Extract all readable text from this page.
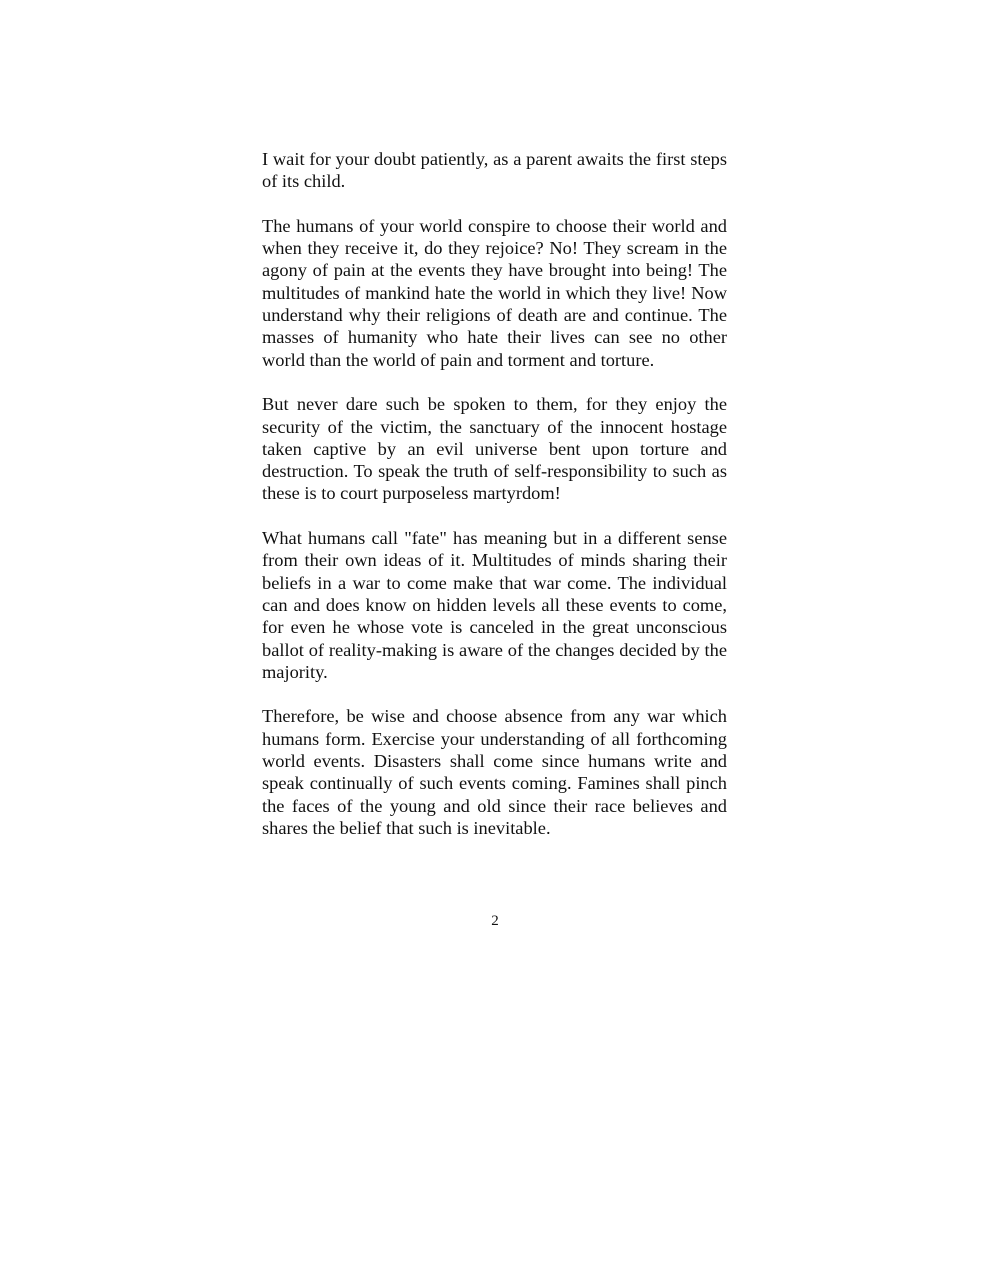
I wait for your doubt patiently, as a parent awaits the first steps of its child.

The humans of your world conspire to choose their world and when they receive it, do they rejoice? No! They scream in the agony of pain at the events they have brought into being! The multitudes of mankind hate the world in which they live! Now understand why their religions of death are and continue. The masses of humanity who hate their lives can see no other world than the world of pain and torment and torture.

But never dare such be spoken to them, for they enjoy the security of the victim, the sanctuary of the innocent hostage taken captive by an evil universe bent upon torture and destruction. To speak the truth of self-responsibility to such as these is to court purposeless martyrdom!

What humans call "fate" has meaning but in a different sense from their own ideas of it. Multitudes of minds sharing their beliefs in a war to come make that war come. The individual can and does know on hidden levels all these events to come, for even he whose vote is canceled in the great unconscious ballot of reality-making is aware of the changes decided by the majority.

Therefore, be wise and choose absence from any war which humans form. Exercise your understanding of all forthcoming world events. Disasters shall come since humans write and speak continually of such events coming. Famines shall pinch the faces of the young and old since their race believes and shares the belief that such is inevitable.

2
